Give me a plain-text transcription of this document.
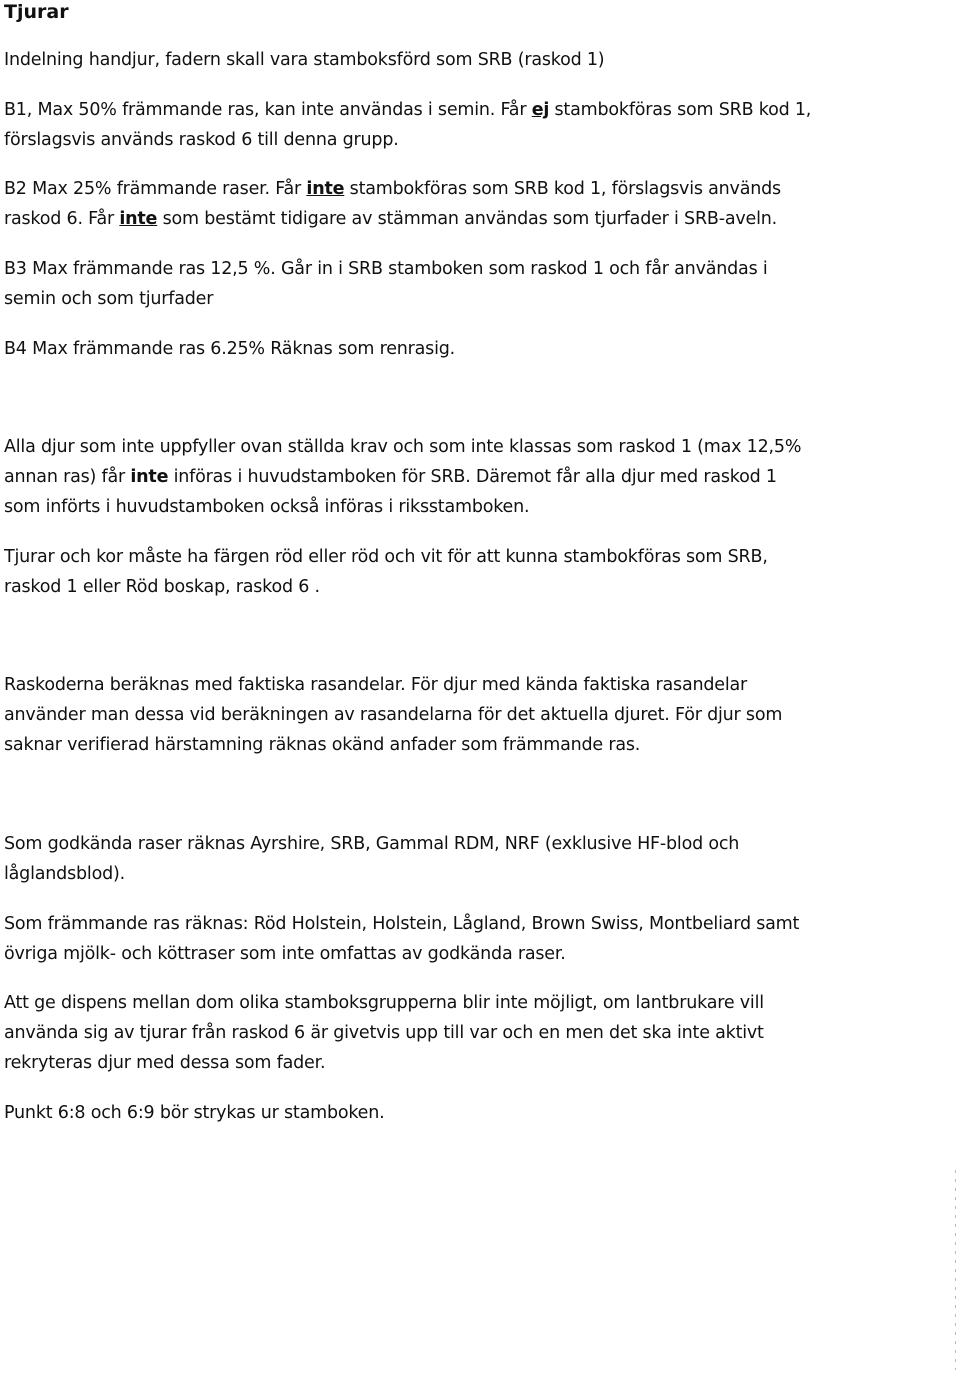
Tjurar
Indelning handjur, fadern skall vara stamboksförd som SRB (raskod 1)
B1, Max 50% främmande ras, kan inte användas i semin. Får ej stambokföras som SRB kod 1,
förslagsvis används raskod 6 till denna grupp.
B2 Max 25% främmande raser. Får inte stambokföras som SRB kod 1, förslagsvis används
raskod 6. Får inte som bestämt tidigare av stämman användas som tjurfader i SRB-aveln.
B3 Max främmande ras 12,5 %. Går in i SRB stamboken som raskod 1 och får användas i
semin och som tjurfader
B4 Max främmande ras 6.25% Räknas som renrasig.
Alla djur som inte uppfyller ovan ställda krav och som inte klassas som raskod 1 (max 12,5%
annan ras) får inte införas i huvudstamboken för SRB. Däremot får alla djur med raskod 1
som införts i huvudstamboken också införas i riksstamboken.
Tjurar och kor måste ha färgen röd eller röd och vit för att kunna stambokföras som SRB,
raskod 1 eller Röd boskap, raskod 6 .
Raskoderna beräknas med faktiska rasandelar. För djur med kända faktiska rasandelar
använder man dessa vid beräkningen av rasandelarna för det aktuella djuret. För djur som
saknar verifierad härstamning räknas okänd anfader som främmande ras.
Som godkända raser räknas Ayrshire, SRB, Gammal RDM, NRF (exklusive HF-blod och
låglandsblod).
Som främmande ras räknas: Röd Holstein, Holstein, Lågland, Brown Swiss, Montbeliard samt
övriga mjölk- och köttraser som inte omfattas av godkända raser.
Att ge dispens mellan dom olika stamboksgrupperna blir inte möjligt, om lantbrukare vill
använda sig av tjurar från raskod 6 är givetvis upp till var och en men det ska inte aktivt
rekryteras djur med dessa som fader.
Punkt 6:8 och 6:9 bör strykas ur stamboken.
